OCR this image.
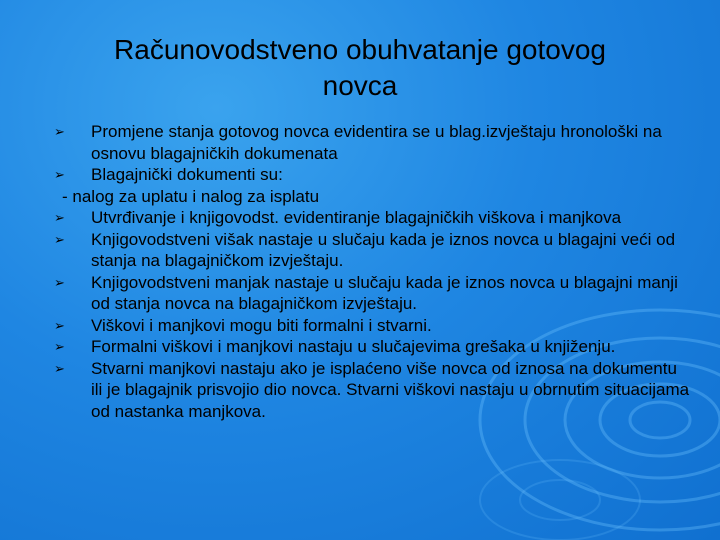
Računovodstveno obuhvatanje gotovog
novca
➢ Promjene stanja gotovog novca evidentira se u blag.izvještaju hronološki na osnovu blagajničkih dokumenata
➢ Blagajnički dokumenti su:
- nalog za uplatu i nalog za isplatu
➢ Utvrđivanje i knjigovodst. evidentiranje blagajničkih viškova i manjkova
➢ Knjigovodstveni višak nastaje u slučaju kada je iznos novca u blagajni veći od stanja na blagajničkom izvještaju.
➢ Knjigovodstveni manjak nastaje u slučaju kada je iznos novca u blagajni manji od stanja novca na blagajničkom izvještaju.
➢ Viškovi i manjkovi mogu biti formalni i stvarni.
➢ Formalni viškovi i manjkovi nastaju u slučajevima grešaka u knjiženju.
➢ Stvarni manjkovi nastaju ako je isplaćeno više novca od iznosa na dokumentu ili je blagajnik prisvojio dio novca. Stvarni viškovi nastaju u obrnutim situacijama od nastanka manjkova.
